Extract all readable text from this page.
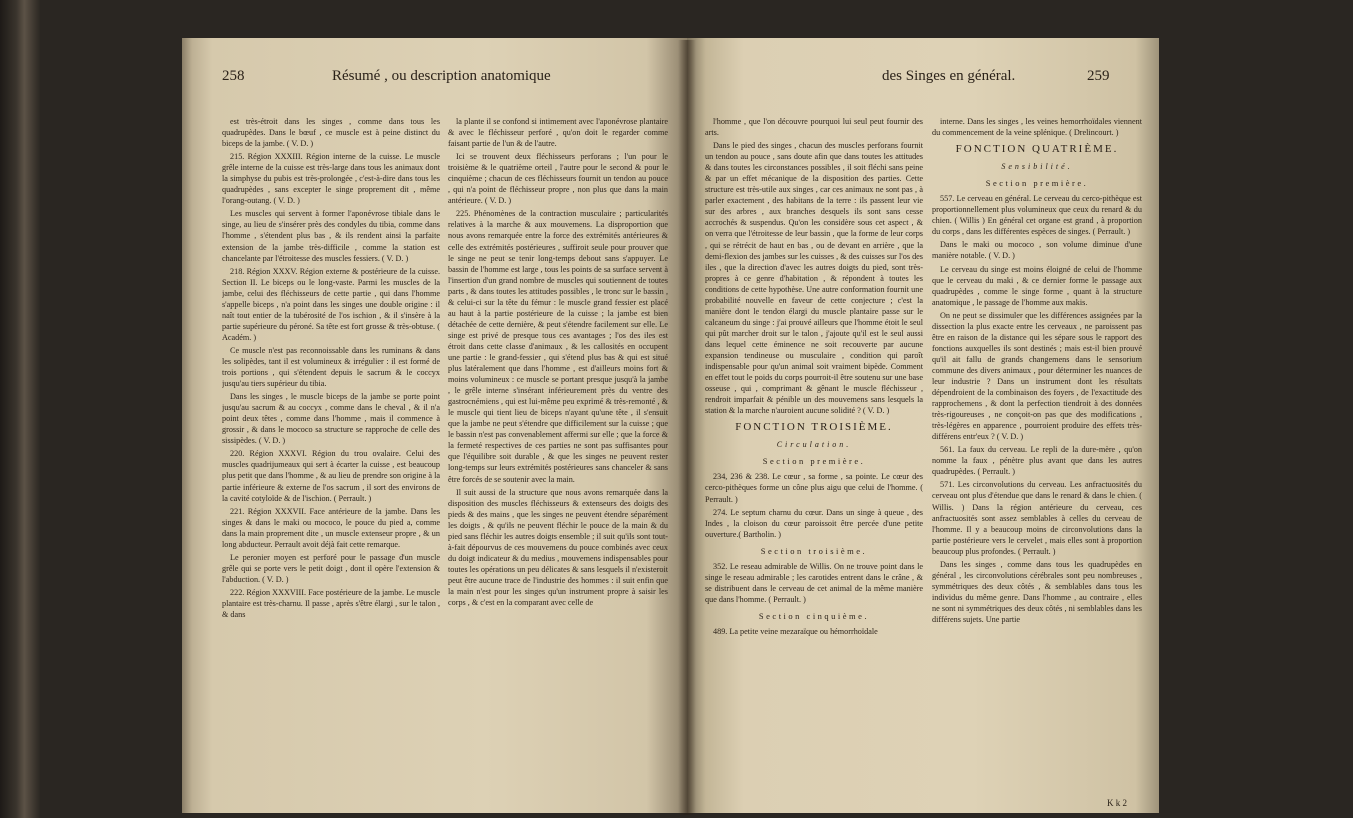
258	Résumé , ou description anatomique

est très-étroit dans les singes , comme dans tous les quadrupèdes. Dans le bœuf , ce muscle est à peine distinct du biceps de la jambe. ( V. D. )

215. Région XXXIII. Région interne de la cuisse. Le muscle grêle interne de la cuisse est très-large dans tous les animaux dont la simphyse du pubis est très-prolongée , c'est-à-dire dans tous les quadrupèdes , sans excepter le singe proprement dit , même l'orang-outang. ( V. D. )

Les muscles qui servent à former l'aponévrose tibiale dans le singe, au lieu de s'insérer près des condyles du tibia, comme dans l'homme , s'étendent plus bas , & ils rendent ainsi la parfaite extension de la jambe très-difficile , comme la station est chancelante par l'étroitesse des muscles fessiers. ( V. D. )

218. Région XXXV. Région externe & postérieure de la cuisse. Section II. Le biceps ou le long-vaste. Parmi les muscles de la jambe, celui des fléchisseurs de cette partie , qui dans l'homme s'appelle biceps , n'a point dans les singes une double origine : il naît tout entier de la tubérosité de l'os ischion , & il s'insère à la partie supérieure du péroné. Sa tête est fort grosse & très-obtuse. ( Académ. )

Ce muscle n'est pas reconnoissable dans les ruminans & dans les solipèdes, tant il est volumineux & irrégulier : il est formé de trois portions , qui s'étendent depuis le sacrum & le coccyx jusqu'au tiers supérieur du tibia.

Dans les singes , le muscle biceps de la jambe se porte point jusqu'au sacrum & au coccyx , comme dans le cheval , & il n'a point deux têtes , comme dans l'homme , mais il commence à grossir , & dans le mococo sa structure se rapproche de celle des sissipèdes. ( V. D. )

220. Région XXXVI. Région du trou ovalaire. Celui des muscles quadrijumeaux qui sert à écarter la cuisse , est beaucoup plus petit que dans l'homme , & au lieu de prendre son origine à la partie inférieure & externe de l'os sacrum , il sort des environs de la cavité cotyloïde & de l'ischion. ( Perrault. )

221. Région XXXVII. Face antérieure de la jambe. Dans les singes & dans le maki ou mococo, le pouce du pied a, comme dans la main proprement dite , un muscle extenseur propre , & un long abducteur. Perrault avoit déjà fait cette remarque.

Le peronier moyen est perforé pour le passage d'un muscle grêle qui se porte vers le petit doigt , dont il opère l'extension & l'abduction. ( V. D. )

222. Région XXXVIII. Face postérieure de la jambe. Le muscle plantaire est très-charnu. Il passe , après s'être élargi , sur le talon , & dans

la plante il se confond si intimement avec l'aponévrose plantaire & avec le fléchisseur perforé , qu'on doit le regarder comme faisant partie de l'un & de l'autre.

Ici se trouvent deux fléchisseurs perforans ; l'un pour le troisième & le quatrième orteil , l'autre pour le second & pour le cinquième ; chacun de ces fléchisseurs fournit un tendon au pouce , qui n'a point de fléchisseur propre , non plus que dans la main antérieure. ( V. D. )

225. Phénomènes de la contraction musculaire ; particularités relatives à la marche & aux mouvemens. La disproportion que nous avons remarquée entre la force des extrémités antérieures & celle des extrémités postérieures , suffiroit seule pour prouver que le singe ne peut se tenir long-temps debout sans s'appuyer. Le bassin de l'homme est large , tous les points de sa surface servent à l'insertion d'un grand nombre de muscles qui soutiennent de toutes parts , & dans toutes les attitudes possibles , le tronc sur le bassin , & celui-ci sur la tête du fémur : le muscle grand fessier est placé au haut à la partie postérieure de la cuisse ; la jambe est bien détachée de cette dernière, & peut s'étendre facilement sur elle. Le singe est privé de presque tous ces avantages ; l'os des iles est étroit dans cette classe d'animaux , & les callosités en occupent une partie : le grand-fessier , qui s'étend plus bas & qui est situé plus latéralement que dans l'homme , est d'ailleurs moins fort & moins volumineux : ce muscle se portant presque jusqu'à la jambe , le grêle interne s'insérant inférieurement près du ventre des gastrocnémiens , qui est lui-même peu exprimé & très-remonté , & le muscle qui tient lieu de biceps n'ayant qu'une tête , il s'ensuit que la jambe ne peut s'étendre que difficilement sur la cuisse ; que le bassin n'est pas convenablement affermi sur elle ; que la force & la fermeté respectives de ces parties ne sont pas suffisantes pour que l'équilibre soit durable , & que les singes ne peuvent rester long-temps sur leurs extrémités postérieures sans chanceler & sans être forcés de se soutenir avec la main.

Il suit aussi de la structure que nous avons remarquée dans la disposition des muscles fléchisseurs & extenseurs des doigts des pieds & des mains , que les singes ne peuvent étendre séparément les doigts , & qu'ils ne peuvent fléchir le pouce de la main & du pied sans fléchir les autres doigts ensemble ; il suit qu'ils sont tout-à-fait dépourvus de ces mouvemens du pouce combinés avec ceux du doigt indicateur & du medius , mouvemens indispensables pour toutes les opérations un peu délicates & sans lesquels il n'existeroit peut être aucune trace de l'industrie des hommes : il suit enfin que la main n'est pour les singes qu'un instrument propre à saisir les corps , & c'est en la comparant avec celle de

des Singes en général.	259

l'homme , que l'on découvre pourquoi lui seul peut fournir des arts.

Dans le pied des singes , chacun des muscles perforans fournit un tendon au pouce , sans doute afin que dans toutes les attitudes & dans toutes les circonstances possibles , il soit fléchi sans peine & par un effet mécanique de la disposition des parties. Cette structure est très-utile aux singes , car ces animaux ne sont pas , à parler exactement , des habitans de la terre : ils passent leur vie sur des arbres , aux branches desquels ils sont sans cesse accrochés & suspendus. Qu'on les considère sous cet aspect , & on verra que l'étroitesse de leur bassin , que la forme de leur corps , qui se rétrécit de haut en bas , ou de devant en arrière , que la demi-flexion des jambes sur les cuisses , & des cuisses sur l'os des iles , que la direction d'avec les autres doigts du pied, sont très-propres à ce genre d'habitation , & répondent à toutes les conditions de cette hypothèse. Une autre conformation fournit une probabilité nouvelle en faveur de cette conjecture ; c'est la manière dont le tendon élargi du muscle plantaire passe sur le calcaneum du singe : j'ai prouvé ailleurs que l'homme étoit le seul qui pût marcher droit sur le talon , j'ajoute qu'il est le seul aussi dans lequel cette éminence ne soit recouverte par aucune expansion tendineuse ou musculaire , condition qui paroît indispensable pour qu'un animal soit vraiment bipède. Comment en effet tout le poids du corps pourroit-il être soutenu sur une base osseuse , qui , comprimant & gênant le muscle fléchisseur , rendroit imparfait & pénible un des mouvemens sans lesquels la station & la marche n'auroient aucune solidité ? ( V. D. )

FONCTION TROISIÈME.

Circulation.

Section première.

234, 236 & 238. Le cœur , sa forme , sa pointe. Le cœur des cerco-pithèques forme un cône plus aigu que celui de l'homme. ( Perrault. )

274. Le septum charnu du cœur. Dans un singe à queue , des Indes , la cloison du cœur paroissoit être percée d'une petite ouverture.( Bartholin. )

Section troisième.

352. Le reseau admirable de Willis. On ne trouve point dans le singe le reseau admirable ; les carotides entrent dans le crâne , & se distribuent dans le cerveau de cet animal de la même manière que dans l'homme. ( Perrault. )

Section cinquième.

489. La petite veine mezaraïque ou hémorrhoïdale

interne. Dans les singes , les veines hemorrhoïdales viennent du commencement de la veine splénique. ( Drelincourt. )

FONCTION QUATRIÈME.

Sensibilité.

Section première.

557. Le cerveau en général. Le cerveau du cerco-pithèque est proportionnellement plus volumineux que ceux du renard & du chien. ( Willis ) En général cet organe est grand , à proportion du corps , dans les différentes espèces de singes. ( Perrault. )

Dans le maki ou mococo , son volume diminue d'une manière notable. ( V. D. )

Le cerveau du singe est moins éloigné de celui de l'homme que le cerveau du maki , & ce dernier forme le passage aux quadrupèdes , comme le singe forme , quant à la structure anatomique , le passage de l'homme aux makis.

On ne peut se dissimuler que les différences assignées par la dissection la plus exacte entre les cerveaux , ne paroissent pas être en raison de la distance qui les sépare sous le rapport des fonctions auxquelles ils sont destinés ; mais est-il bien prouvé qu'il ait fallu de grands changemens dans le sensorium commune des divers animaux , pour déterminer les nuances de leur industrie ? Dans un instrument dont les résultats dépendroient de la combinaison des foyers , de l'exactitude des rapprochemens , & dont la perfection tiendroit à des données très-rigoureuses , ne conçoit-on pas que des modifications , très-légères en apparence , pourroient produire des effets très-différens entr'eux ? ( V. D. )

561. La faux du cerveau. Le repli de la dure-mère , qu'on nomme la faux , pénètre plus avant que dans les autres quadrupèdes. ( Perrault. )

571. Les circonvolutions du cerveau. Les anfractuosités du cerveau ont plus d'étendue que dans le renard & dans le chien. ( Willis. ) Dans la région antérieure du cerveau, ces anfractuosités sont assez semblables à celles du cerveau de l'homme. Il y a beaucoup moins de circonvolutions dans la partie postérieure vers le cervelet , mais elles sont à proportion beaucoup plus profondes. ( Perrault. )

Dans les singes , comme dans tous les quadrupèdes en général , les circonvolutions cérébrales sont peu nombreuses , symmétriques des deux côtés , & semblables dans tous les individus du même genre. Dans l'homme , au contraire , elles ne sont ni symmétriques des deux côtés , ni semblables dans les différens sujets. Une partie

K k 2
